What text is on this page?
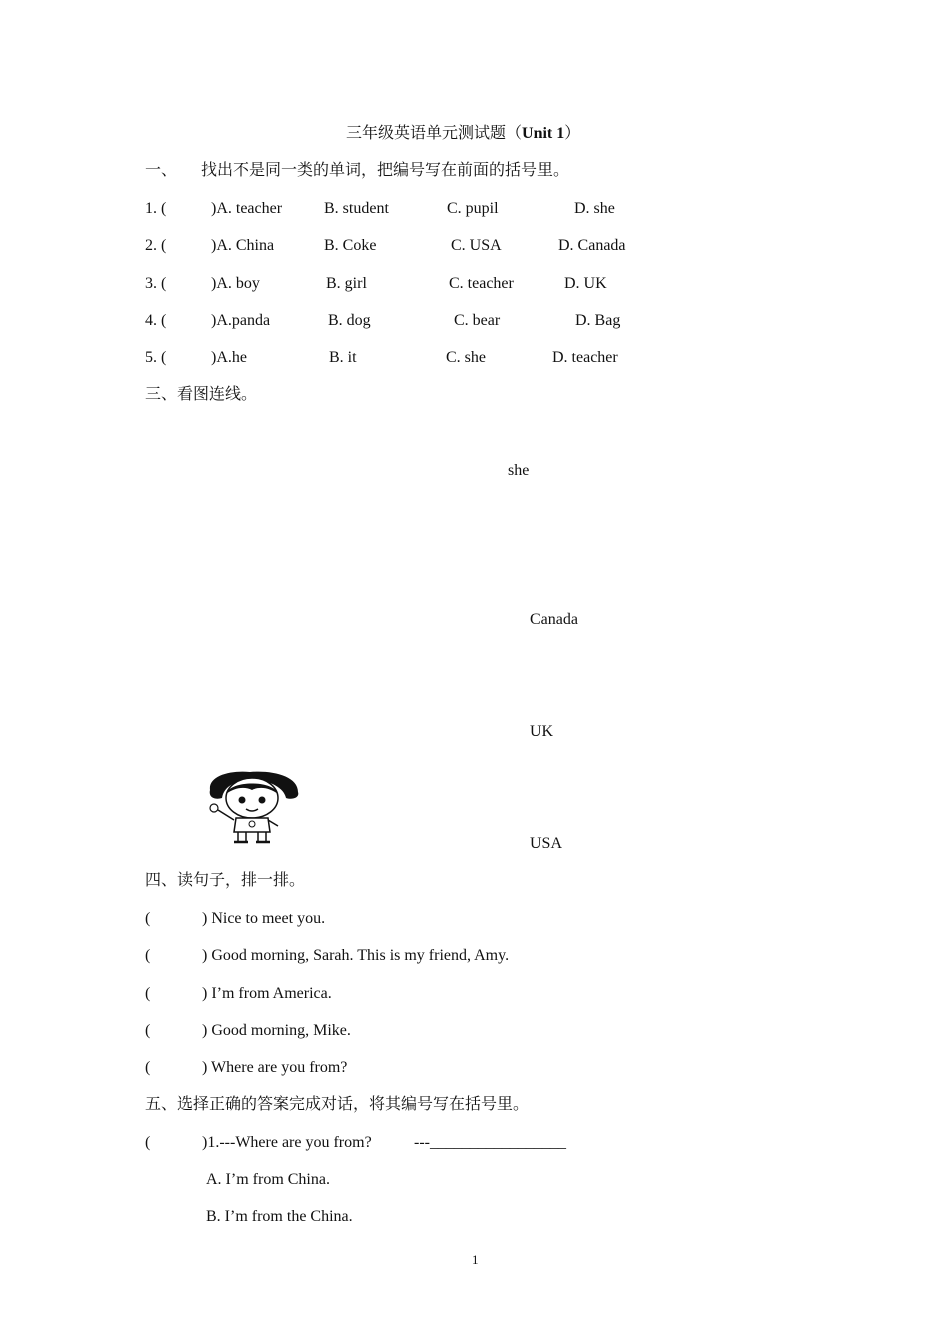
三年级英语单元测试题（Unit 1）
一、 找出不是同一类的单词，把编号写在前面的括号里。
1. (	)A. teacher	B. student	C. pupil	D. she
2. (	)A. China	B. Coke	C. USA	D. Canada
3. (	)A. boy	B. girl	C. teacher	D. UK
4. (	)A.panda	B. dog	C. bear	D. Bag
5. (	)A.he	B. it	C. she	D. teacher
三、看图连线。
she
Canada
UK
USA
四、读句子，排一排。
(	) Nice to meet you.
(	) Good morning, Sarah. This is my friend, Amy.
(	) I’m from America.
(	) Good morning, Mike.
(	) Where are you from?
五、选择正确的答案完成对话，将其编号写在括号里。
(	)1.---Where are you from?	---_________________
A. I’m from China.
B. I’m from the China.
1
